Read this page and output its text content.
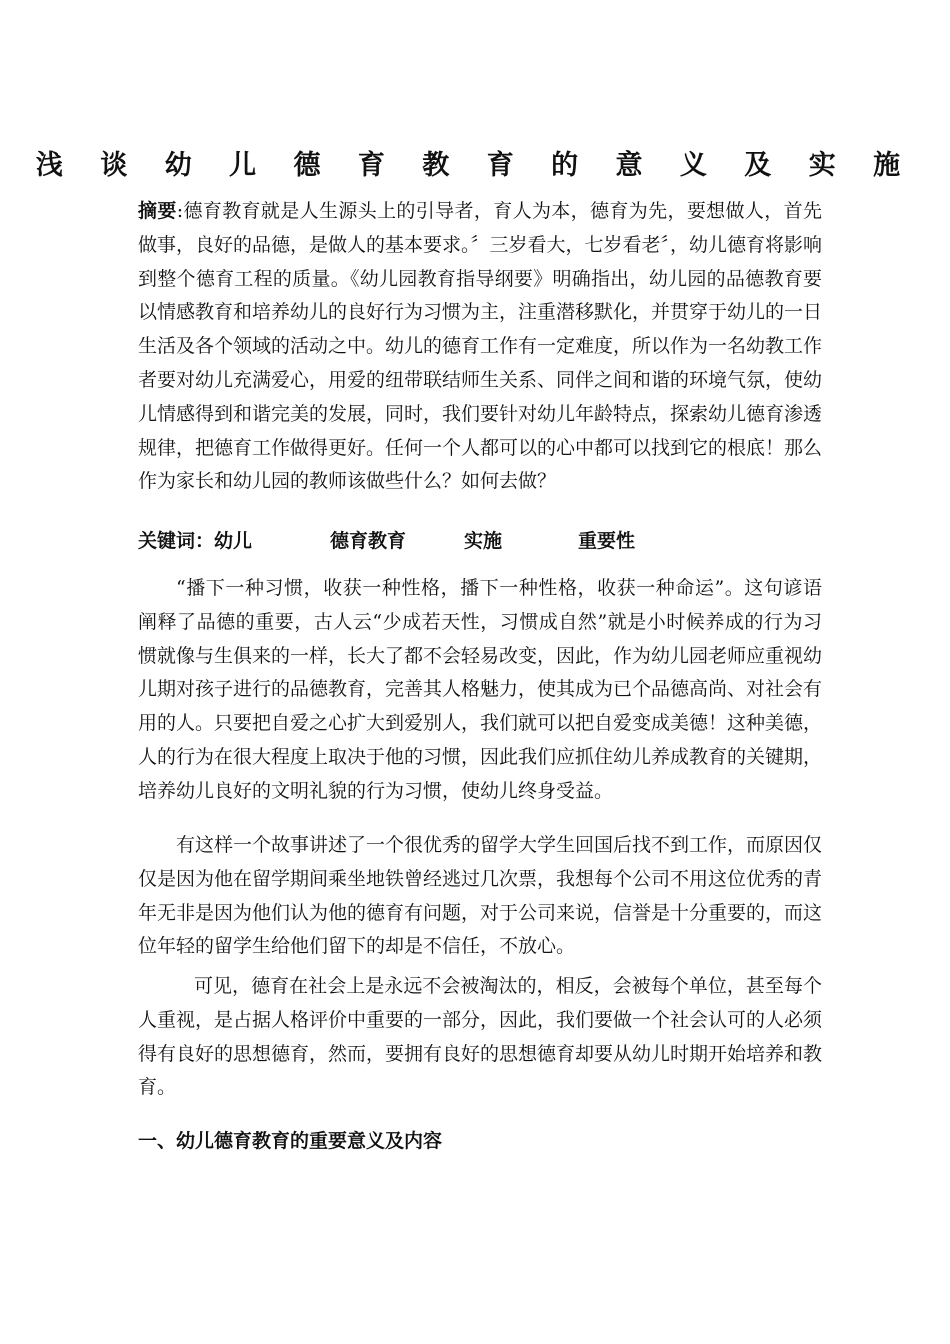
浅 谈 幼 儿 德 育 教 育 的 意 义 及 实 施
摘要:德育教育就是人生源头上的引导者，育人为本，德育为先，要想做人，首先做事，良好的品德，是做人的基本要求。〞三岁看大，七岁看老〞，幼儿德育将影响到整个德育工程的质量。《幼儿园教育指导纲要》明确指出，幼儿园的品德教育要以情感教育和培养幼儿的良好行为习惯为主，注重潜移默化，并贯穿于幼儿的一日生活及各个领域的活动之中。幼儿的德育工作有一定难度，所以作为一名幼教工作者要对幼儿充满爱心，用爱的纽带联结师生关系、同伴之间和谐的环境气氛，使幼儿情感得到和谐完美的发展，同时，我们要针对幼儿年龄特点，探索幼儿德育渗透规律，把德育工作做得更好。任何一个人都可以的心中都可以找到它的根底！那么作为家长和幼儿园的教师该做些什么？如何去做？
关键词：幼儿	德育教育	实施	重要性
“播下一种习惯，收获一种性格，播下一种性格，收获一种命运”。这句谚语阐释了品德的重要，古人云“少成若天性，习惯成自然”就是小时候养成的行为习惯就像与生俱来的一样，长大了都不会轻易改变，因此，作为幼儿园老师应重视幼儿期对孩子进行的品德教育，完善其人格魅力，使其成为已个品德高尚、对社会有用的人。只要把自爱之心扩大到爱别人，我们就可以把自爱变成美德！这种美德，人的行为在很大程度上取决于他的习惯，因此我们应抓住幼儿养成教育的关键期，培养幼儿良好的文明礼貌的行为习惯，使幼儿终身受益。
有这样一个故事讲述了一个很优秀的留学大学生回国后找不到工作，而原因仅仅是因为他在留学期间乘坐地铁曾经逃过几次票，我想每个公司不用这位优秀的青年无非是因为他们认为他的德育有问题，对于公司来说，信誉是十分重要的，而这位年轻的留学生给他们留下的却是不信任，不放心。
可见，德育在社会上是永远不会被淘汰的，相反，会被每个单位，甚至每个人重视，是占据人格评价中重要的一部分，因此，我们要做一个社会认可的人必须得有良好的思想德育，然而，要拥有良好的思想德育却要从幼儿时期开始培养和教育。
一、幼儿德育教育的重要意义及内容
